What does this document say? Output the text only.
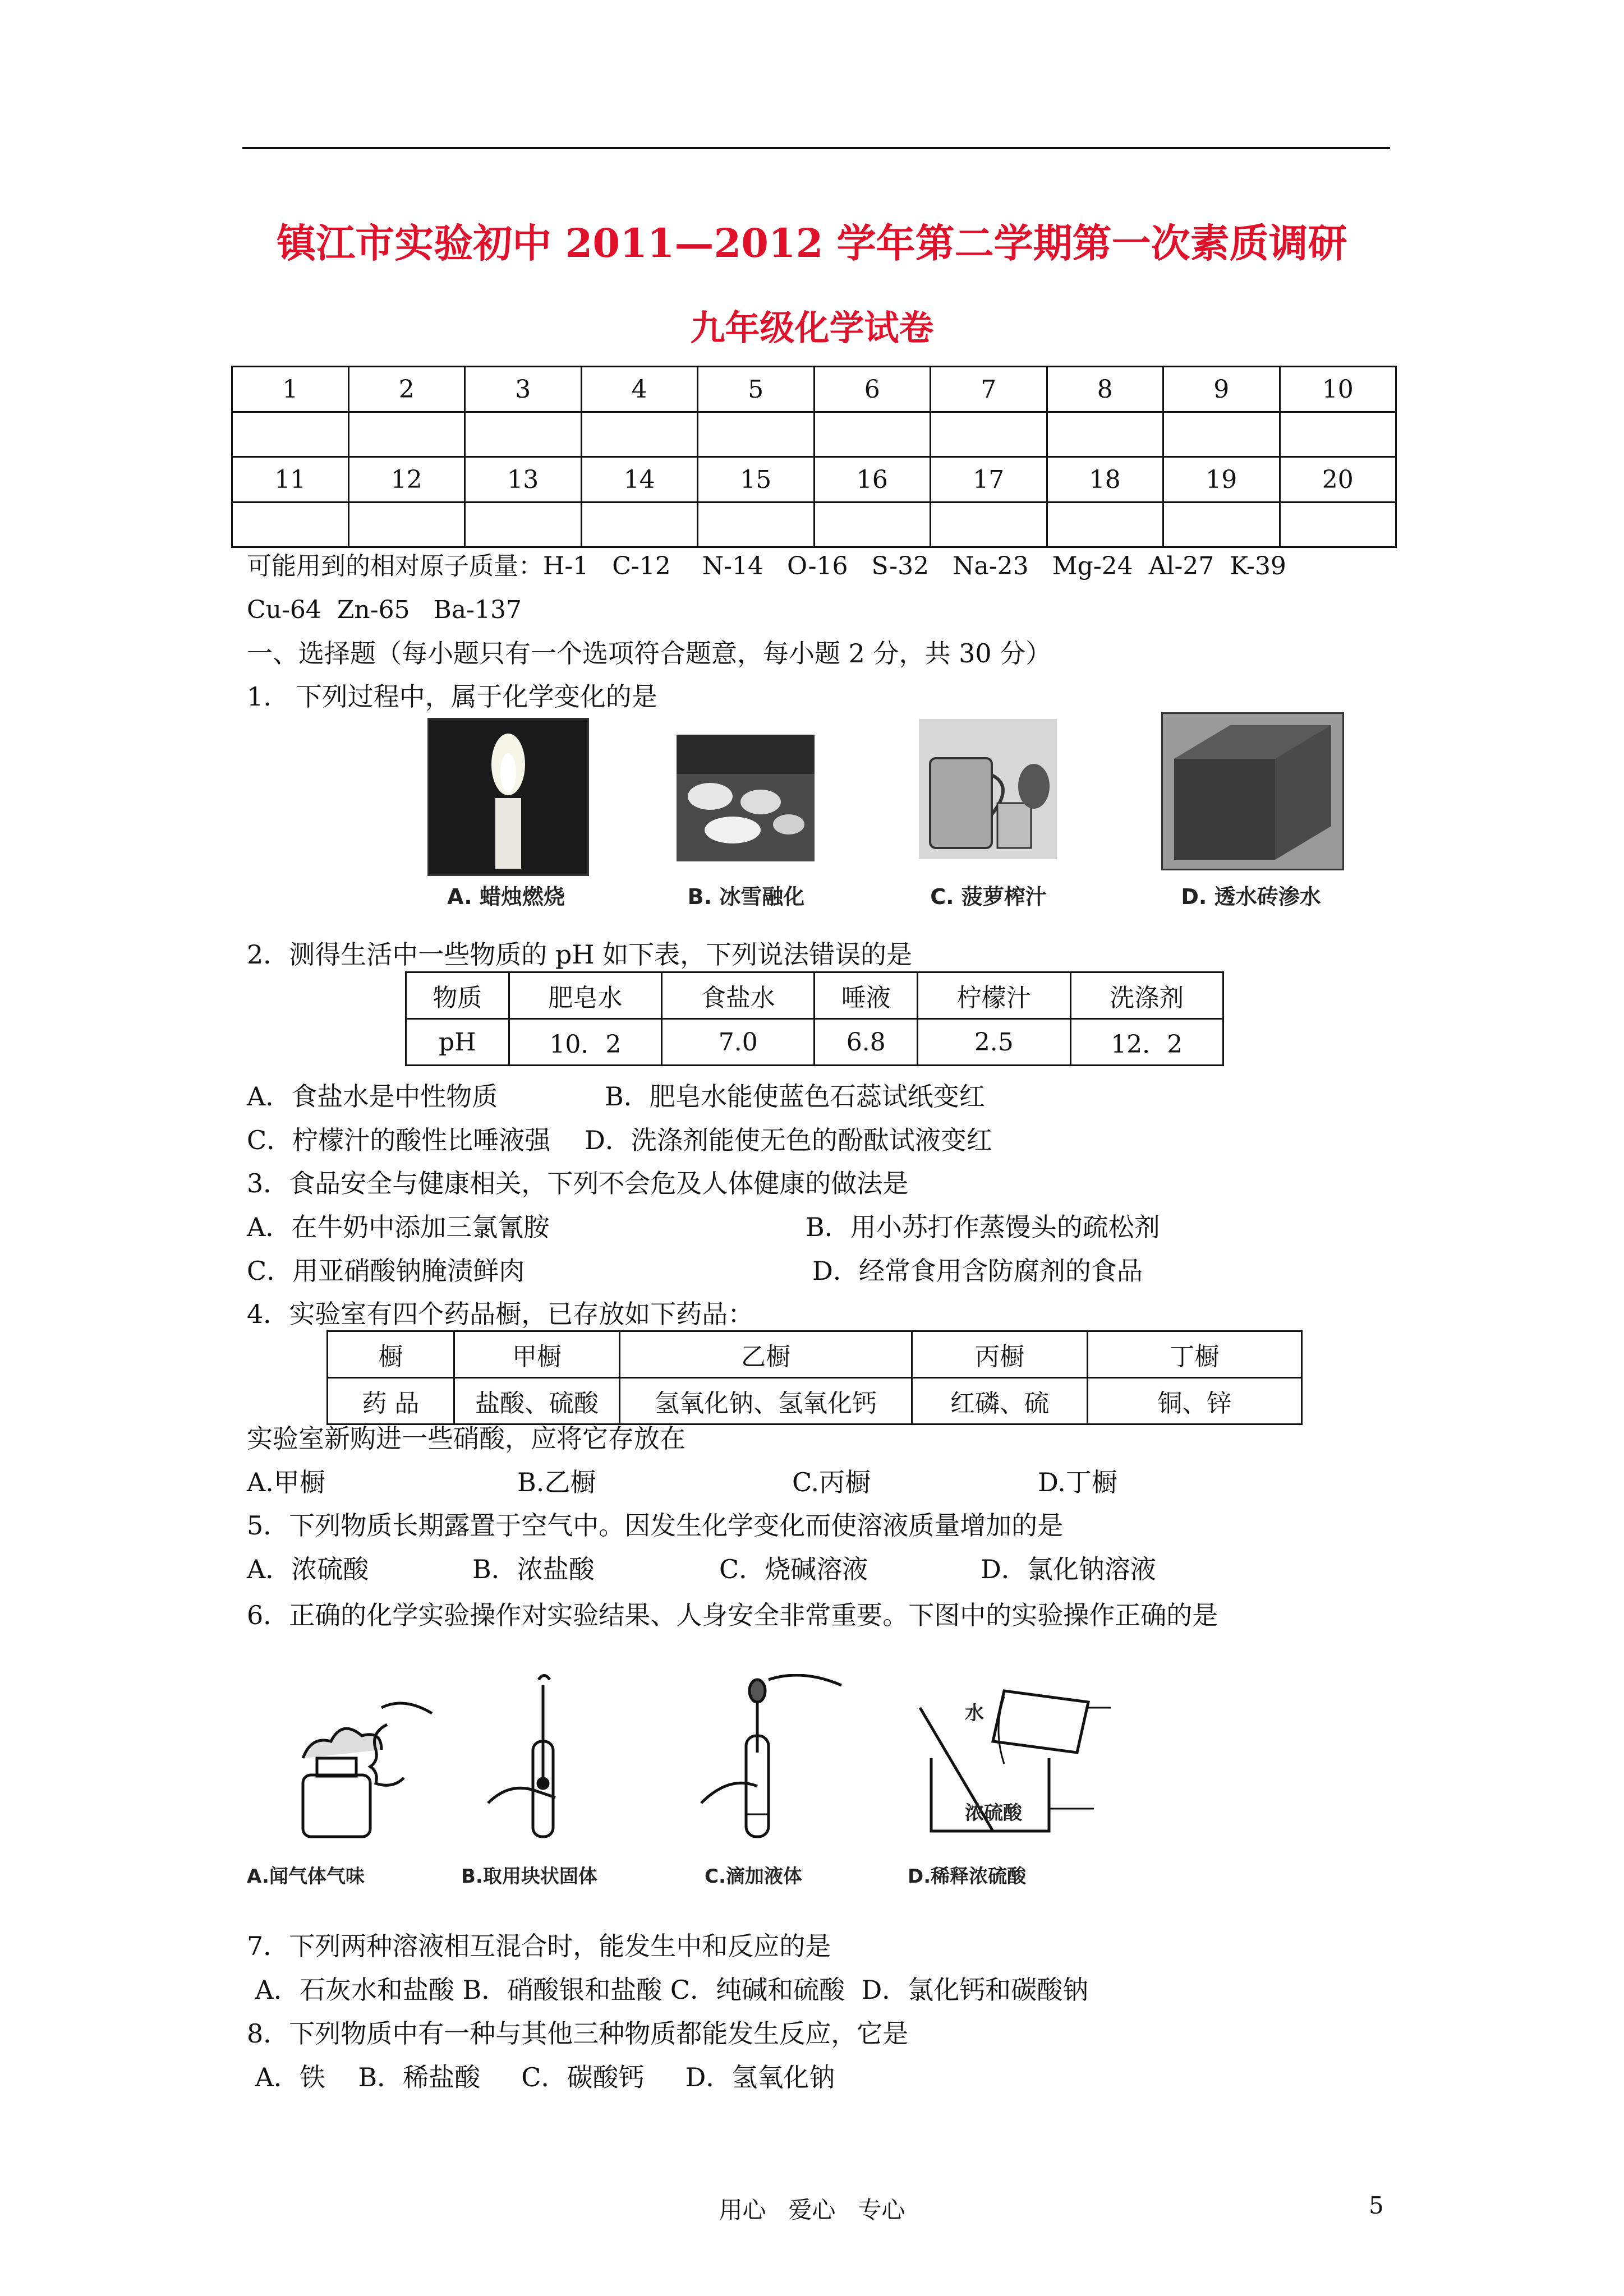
镇江市实验初中 2011—2012 学年第二学期第一次素质调研
九年级化学试卷
1	2	3	4	5	6	7	8	9	10

11	12	13	14	15	16	17	18	19	20

可能用到的相对原子质量：H-1   C-12    N-14   O-16   S-32   Na-23   Mg-24  Al-27  K-39
Cu-64  Zn-65   Ba-137
一、选择题（每小题只有一个选项符合题意，每小题 2 分，共 30 分）
1.   下列过程中，属于化学变化的是
A. 蜡烛燃烧	B. 冰雪融化	C. 菠萝榨汁	D. 透水砖渗水
2．测得生活中一些物质的 pH 如下表，下列说法错误的是
物质	肥皂水	食盐水	唾液	柠檬汁	洗涤剂
pH	10．2	7.0	6.8	2.5	12．2
A．食盐水是中性物质	B．肥皂水能使蓝色石蕊试纸变红
C．柠檬汁的酸性比唾液强 D．洗涤剂能使无色的酚酞试液变红
3．食品安全与健康相关，下列不会危及人体健康的做法是
A．在牛奶中添加三氯氰胺	B．用小苏打作蒸馒头的疏松剂
C．用亚硝酸钠腌渍鲜肉	D．经常食用含防腐剂的食品
4．实验室有四个药品橱，已存放如下药品：
橱	甲橱	乙橱	丙橱	丁橱
药 品	盐酸、硫酸	氢氧化钠、氢氧化钙	红磷、硫	铜、锌
实验室新购进一些硝酸，应将它存放在
A.甲橱	B.乙橱	C.丙橱	D.丁橱
5．下列物质长期露置于空气中。因发生化学变化而使溶液质量增加的是
A．浓硫酸	B．浓盐酸	C．烧碱溶液	D．氯化钠溶液
6．正确的化学实验操作对实验结果、人身安全非常重要。下图中的实验操作正确的是
水
浓硫酸
A.闻气体气味	B.取用块状固体	C.滴加液体	D.稀释浓硫酸
7．下列两种溶液相互混合时，能发生中和反应的是
A．石灰水和盐酸 B．硝酸银和盐酸 C．纯碱和硫酸  D．氯化钙和碳酸钠
8．下列物质中有一种与其他三种物质都能发生反应，它是
A．铁    B．稀盐酸     C．碳酸钙     D．氢氧化钠
用心   爱心   专心	5
